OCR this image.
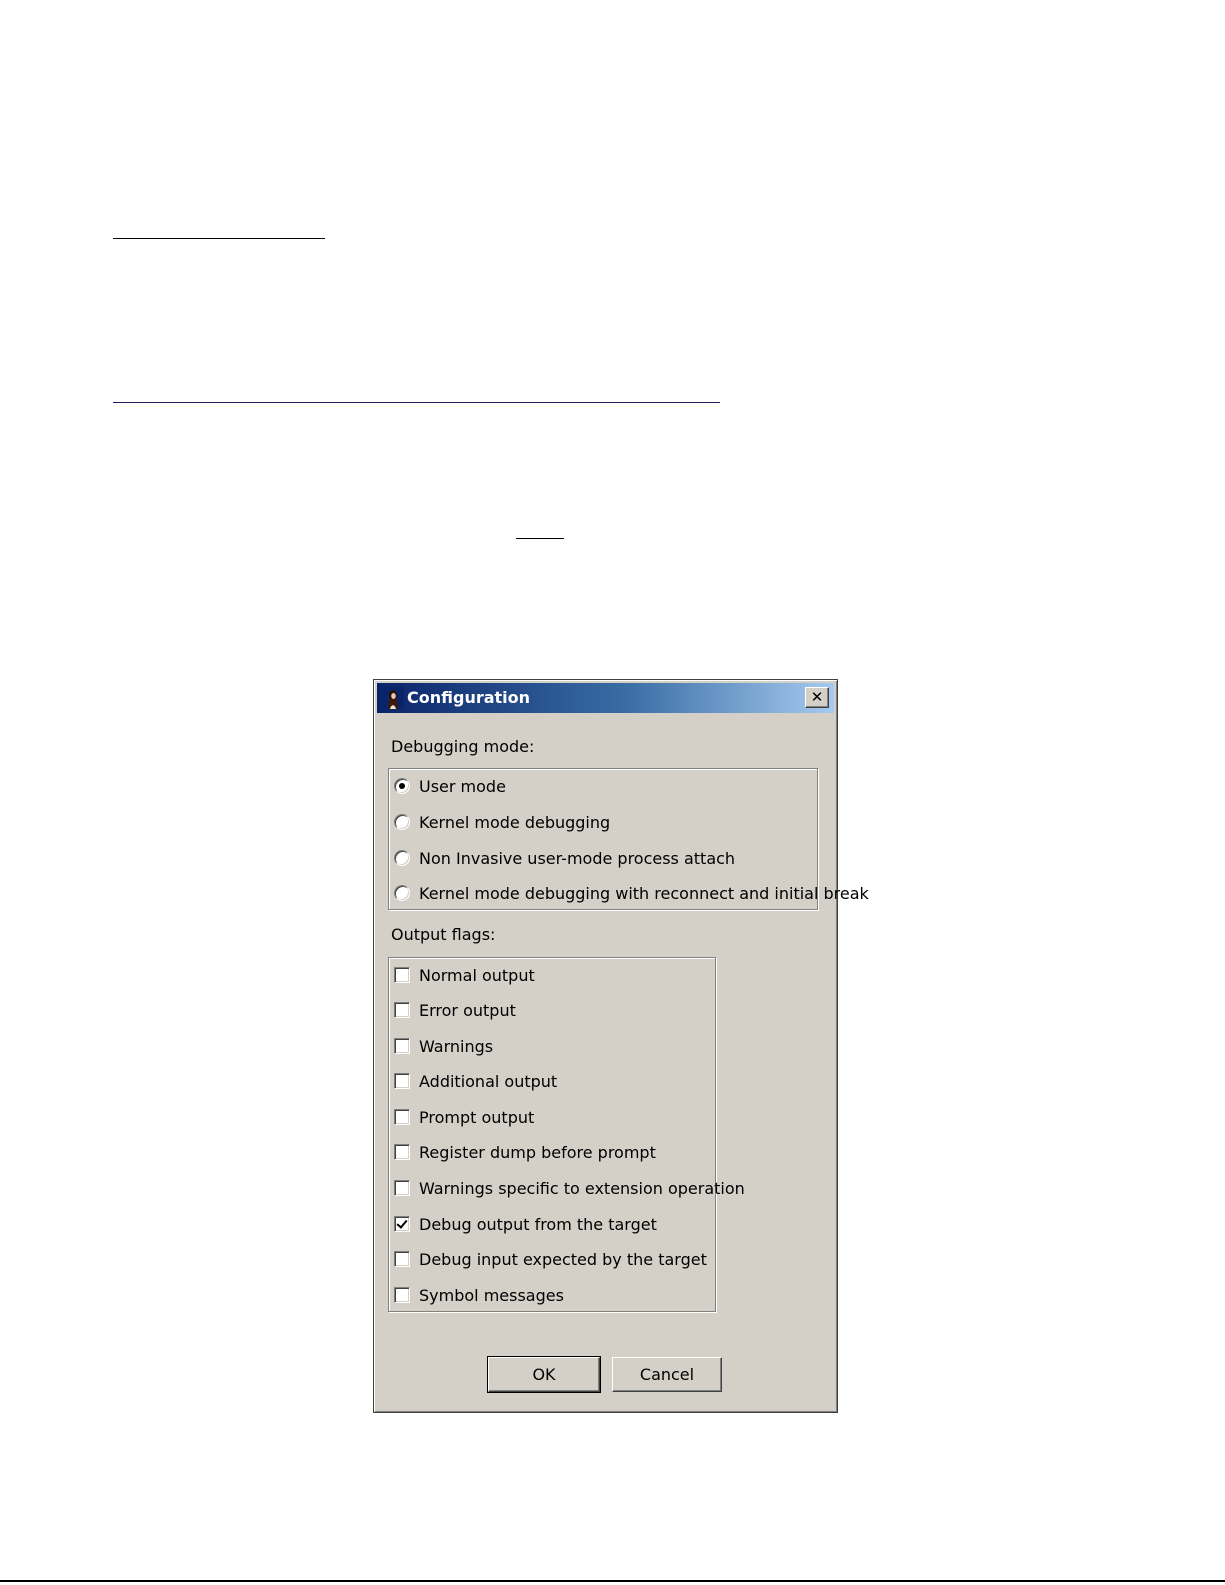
Configuration	✕
Debugging mode:
User mode
Kernel mode debugging
Non Invasive user-mode process attach
Kernel mode debugging with reconnect and initial break
Output flags:
Normal output
Error output
Warnings
Additional output
Prompt output
Register dump before prompt
Warnings specific to extension operation
Debug output from the target
Debug input expected by the target
Symbol messages
OK	Cancel
